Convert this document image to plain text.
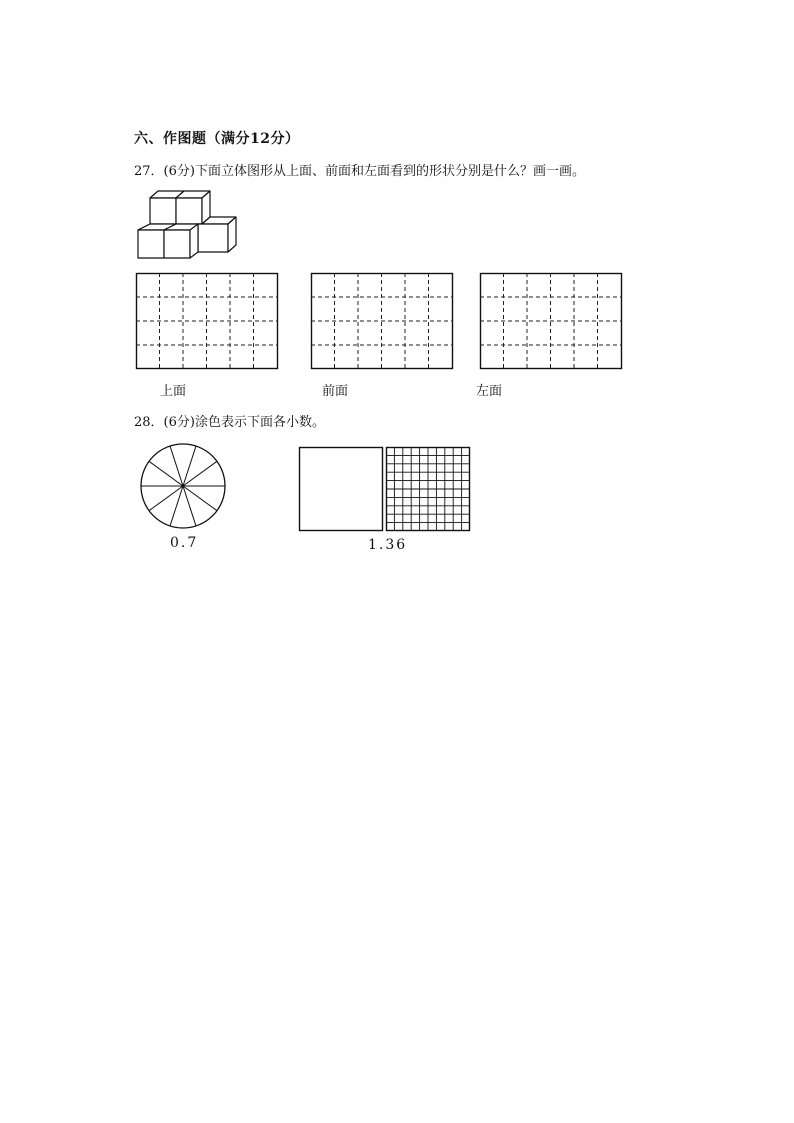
六、作图题（满分12分）
27．(6分)下面立体图形从上面、前面和左面看到的形状分别是什么？画一画。
上面	前面	左面
28．(6分)涂色表示下面各小数。
0.7	1.36
